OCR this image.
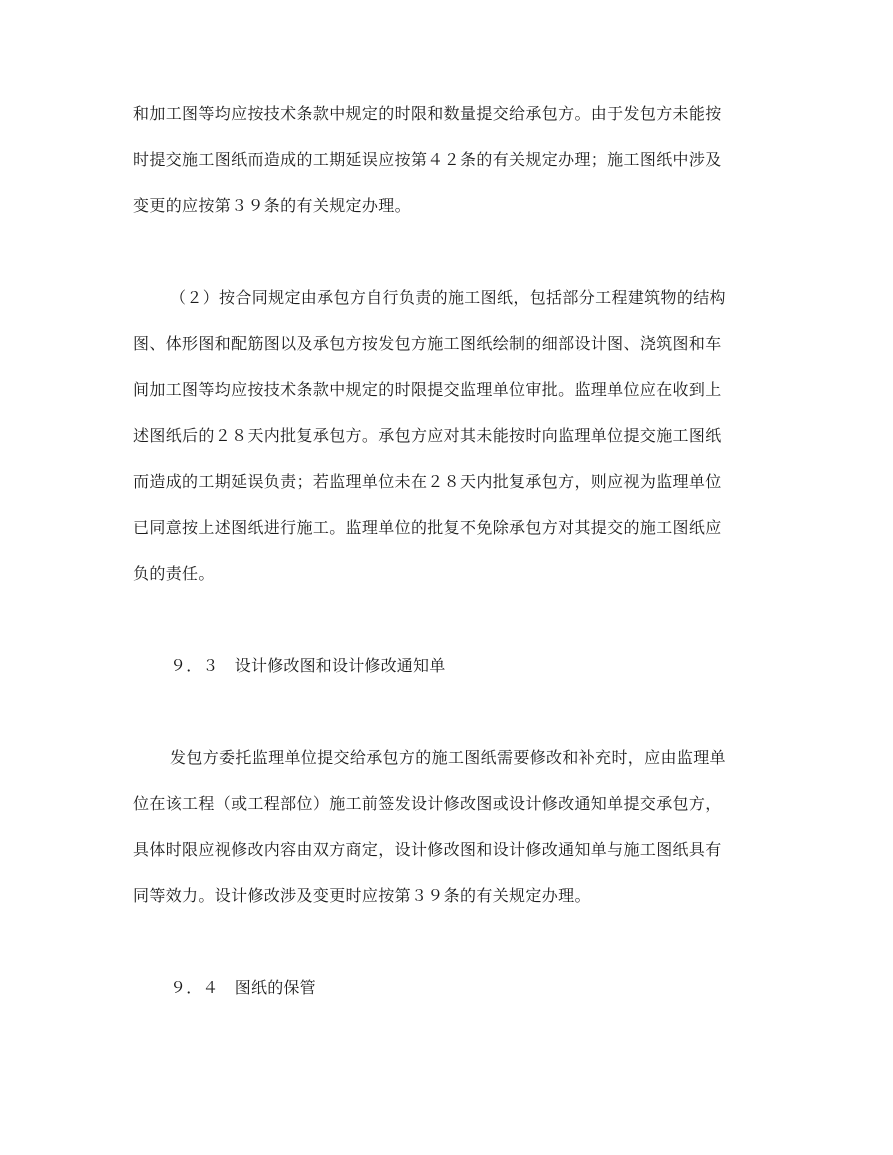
和加工图等均应按技术条款中规定的时限和数量提交给承包方。由于发包方未能按
时提交施工图纸而造成的工期延误应按第４２条的有关规定办理；施工图纸中涉及
变更的应按第３９条的有关规定办理。
（２）按合同规定由承包方自行负责的施工图纸，包括部分工程建筑物的结构
图、体形图和配筋图以及承包方按发包方施工图纸绘制的细部设计图、浇筑图和车
间加工图等均应按技术条款中规定的时限提交监理单位审批。监理单位应在收到上
述图纸后的２８天内批复承包方。承包方应对其未能按时向监理单位提交施工图纸
而造成的工期延误负责；若监理单位未在２８天内批复承包方，则应视为监理单位
已同意按上述图纸进行施工。监理单位的批复不免除承包方对其提交的施工图纸应
负的责任。
９．３　设计修改图和设计修改通知单
发包方委托监理单位提交给承包方的施工图纸需要修改和补充时，应由监理单
位在该工程（或工程部位）施工前签发设计修改图或设计修改通知单提交承包方，
具体时限应视修改内容由双方商定，设计修改图和设计修改通知单与施工图纸具有
同等效力。设计修改涉及变更时应按第３９条的有关规定办理。
９．４　图纸的保管
